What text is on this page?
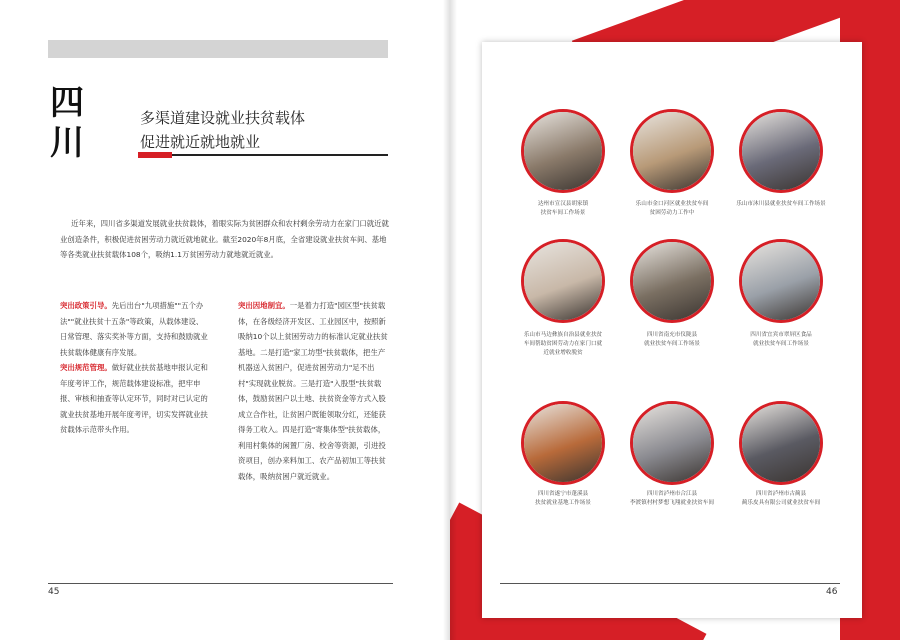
四
川
多渠道建设就业扶贫载体
促进就近就地就业

近年来，四川省多渠道发展就业扶贫载体，着眼实际为贫困群众和农村剩余劳动力在家门口就近就业创造条件，积极促进贫困劳动力就近就地就业。截至2020年8月底，全省建设就业扶贫车间、基地等各类就业扶贫载体108个，吸纳1.1万贫困劳动力就地就近就业。

突出政策引导。先后出台"九项措施""五个办法""就业扶贫十五条"等政策，从载体建设、日常管理、落实奖补等方面，支持和鼓励就业扶贫载体健康有序发展。

突出规范管理。做好就业扶贫基地申报认定和年度考评工作，规范载体建设标准，把牢申报、审核和抽查等认定环节，同时对已认定的就业扶贫基地开展年度考评，切实发挥就业扶贫载体示范带头作用。

突出因地制宜。一是着力打造"园区型"扶贫载体，在各级经济开发区、工业园区中，按照新吸纳10个以上贫困劳动力的标准认定就业扶贫基地。二是打造"家工坊型"扶贫载体，把生产机器送入贫困户，促进贫困劳动力"足不出村"实现就业脱贫。三是打造"入股型"扶贫载体，鼓励贫困户以土地、扶贫资金等方式入股成立合作社，让贫困户既能领取分红，还能获得务工收入。四是打造"寄集体型"扶贫载体，利用村集体的闲置厂房、校舍等资源，引进投资项目，创办来料加工、农产品初加工等扶贫载体，吸纳贫困户就近就业。

45
达州市宣汉县胡家镇
扶贫车间工作场景
乐山市金口河区就业扶贫车间
贫困劳动力工作中
乐山市沐川县就业扶贫车间工作场景
乐山市马边彝族自治县就业扶贫
车间帮助贫困劳动力在家门口就
近就业增收脱贫
四川省南充市仪陇县
就业扶贫车间工作场景
四川省宜宾市翠屏区食品
就业扶贫车间工作场景
四川省遂宁市蓬溪县
扶贫就业基地工作场景
四川省泸州市合江县
李渡镇村村梦想飞翔就业扶贫车间
四川省泸州市古蔺县
蔺乐皮具有限公司就业扶贫车间
46
